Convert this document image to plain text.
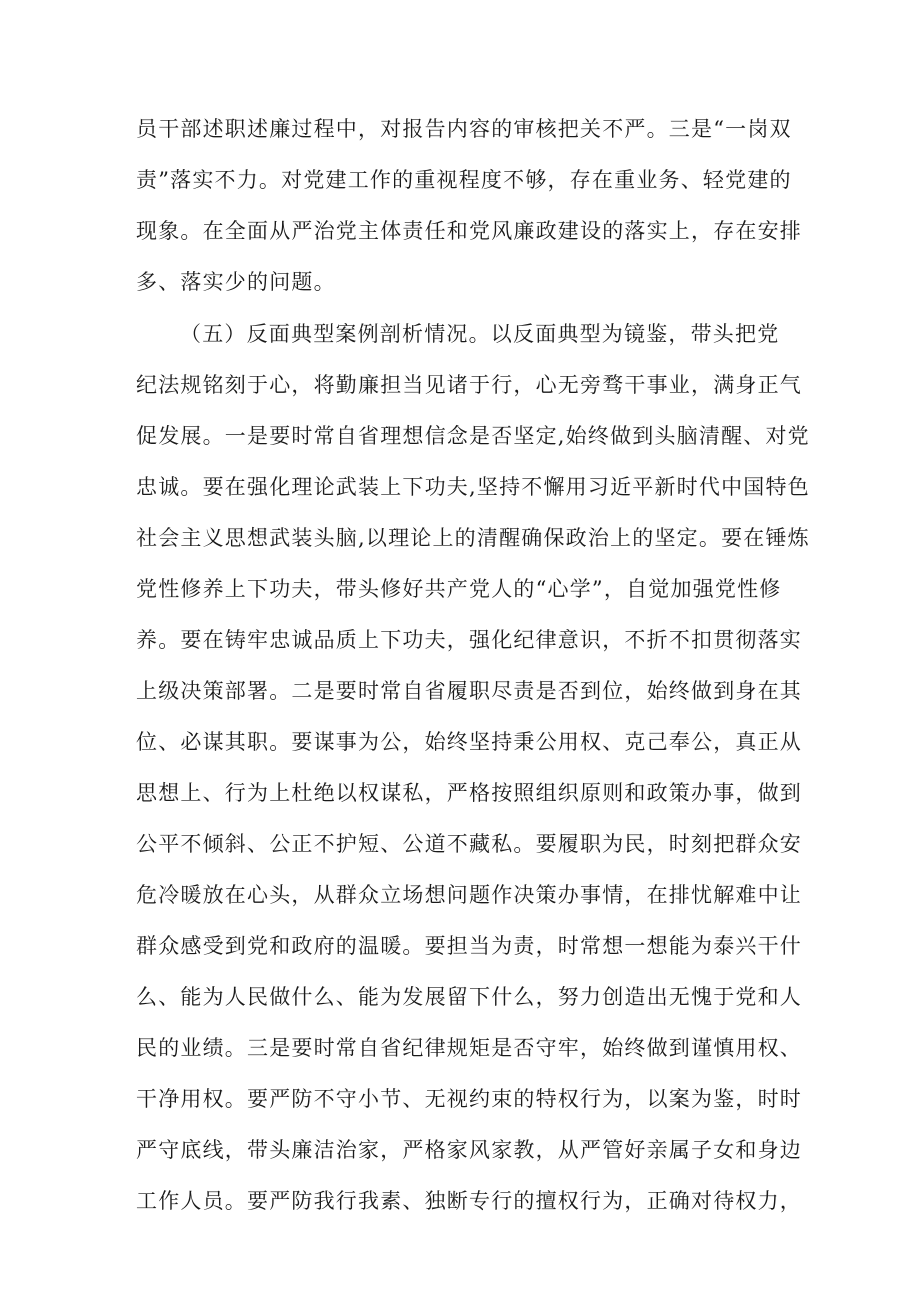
员干部述职述廉过程中，对报告内容的审核把关不严。三是“一岗双
责”落实不力。对党建工作的重视程度不够，存在重业务、轻党建的
现象。在全面从严治党主体责任和党风廉政建设的落实上，存在安排
多、落实少的问题。
（五）反面典型案例剖析情况。以反面典型为镜鉴，带头把党
纪法规铭刻于心，将勤廉担当见诸于行，心无旁骛干事业，满身正气
促发展。一是要时常自省理想信念是否坚定,始终做到头脑清醒、对党
忠诚。要在强化理论武装上下功夫,坚持不懈用习近平新时代中国特色
社会主义思想武装头脑,以理论上的清醒确保政治上的坚定。要在锤炼
党性修养上下功夫，带头修好共产党人的“心学”，自觉加强党性修
养。要在铸牢忠诚品质上下功夫，强化纪律意识，不折不扣贯彻落实
上级决策部署。二是要时常自省履职尽责是否到位，始终做到身在其
位、必谋其职。要谋事为公，始终坚持秉公用权、克己奉公，真正从
思想上、行为上杜绝以权谋私，严格按照组织原则和政策办事，做到
公平不倾斜、公正不护短、公道不藏私。要履职为民，时刻把群众安
危冷暖放在心头，从群众立场想问题作决策办事情，在排忧解难中让
群众感受到党和政府的温暖。要担当为责，时常想一想能为泰兴干什
么、能为人民做什么、能为发展留下什么，努力创造出无愧于党和人
民的业绩。三是要时常自省纪律规矩是否守牢，始终做到谨慎用权、
干净用权。要严防不守小节、无视约束的特权行为，以案为鉴，时时
严守底线，带头廉洁治家，严格家风家教，从严管好亲属子女和身边
工作人员。要严防我行我素、独断专行的擅权行为，正确对待权力，
